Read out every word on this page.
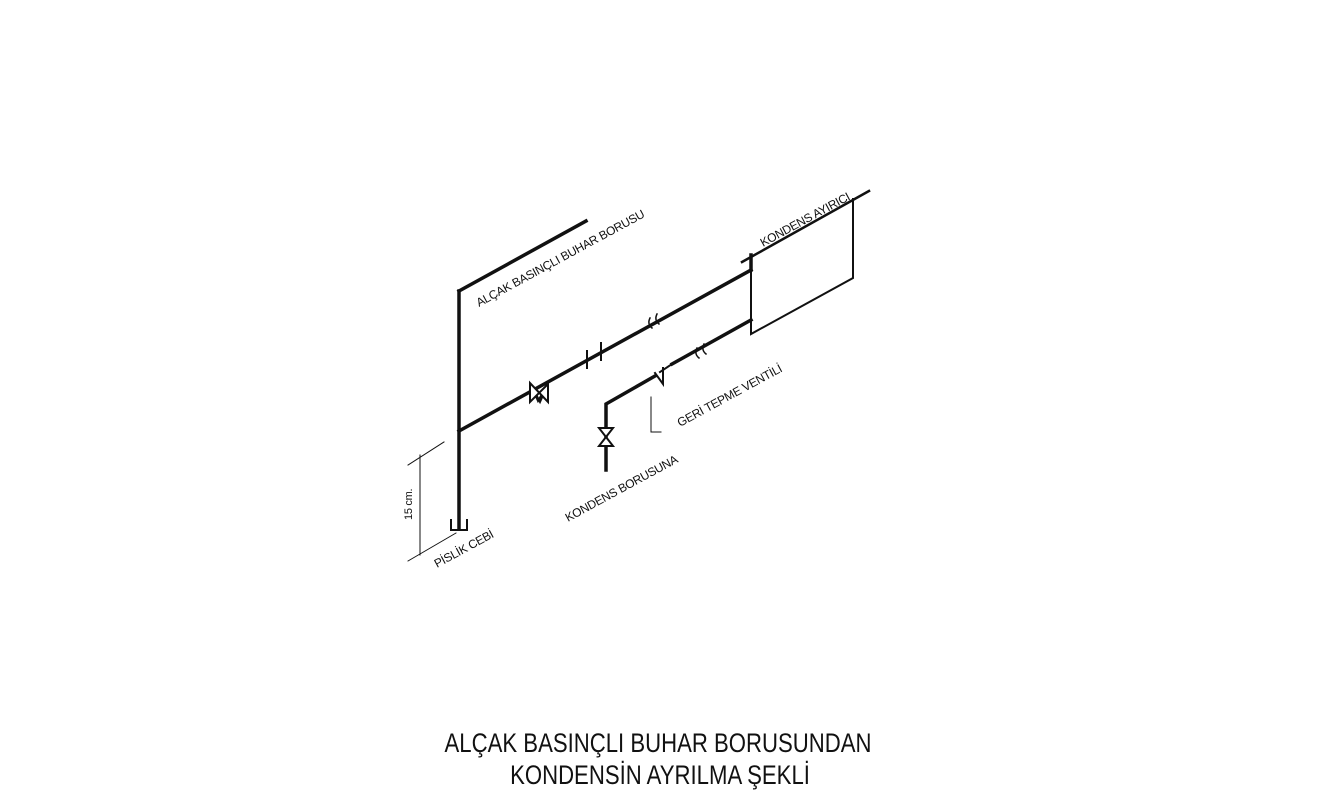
ALÇAK BASINÇLI BUHAR BORUSU	KONDENS AYIRICI
GERİ TEPME VENTİLİ
KONDENS BORUSUNA
PİSLİK CEBİ
15 cm.
ALÇAK BASINÇLI BUHAR BORUSUNDAN
KONDENSİN AYRILMA ŞEKLİ
